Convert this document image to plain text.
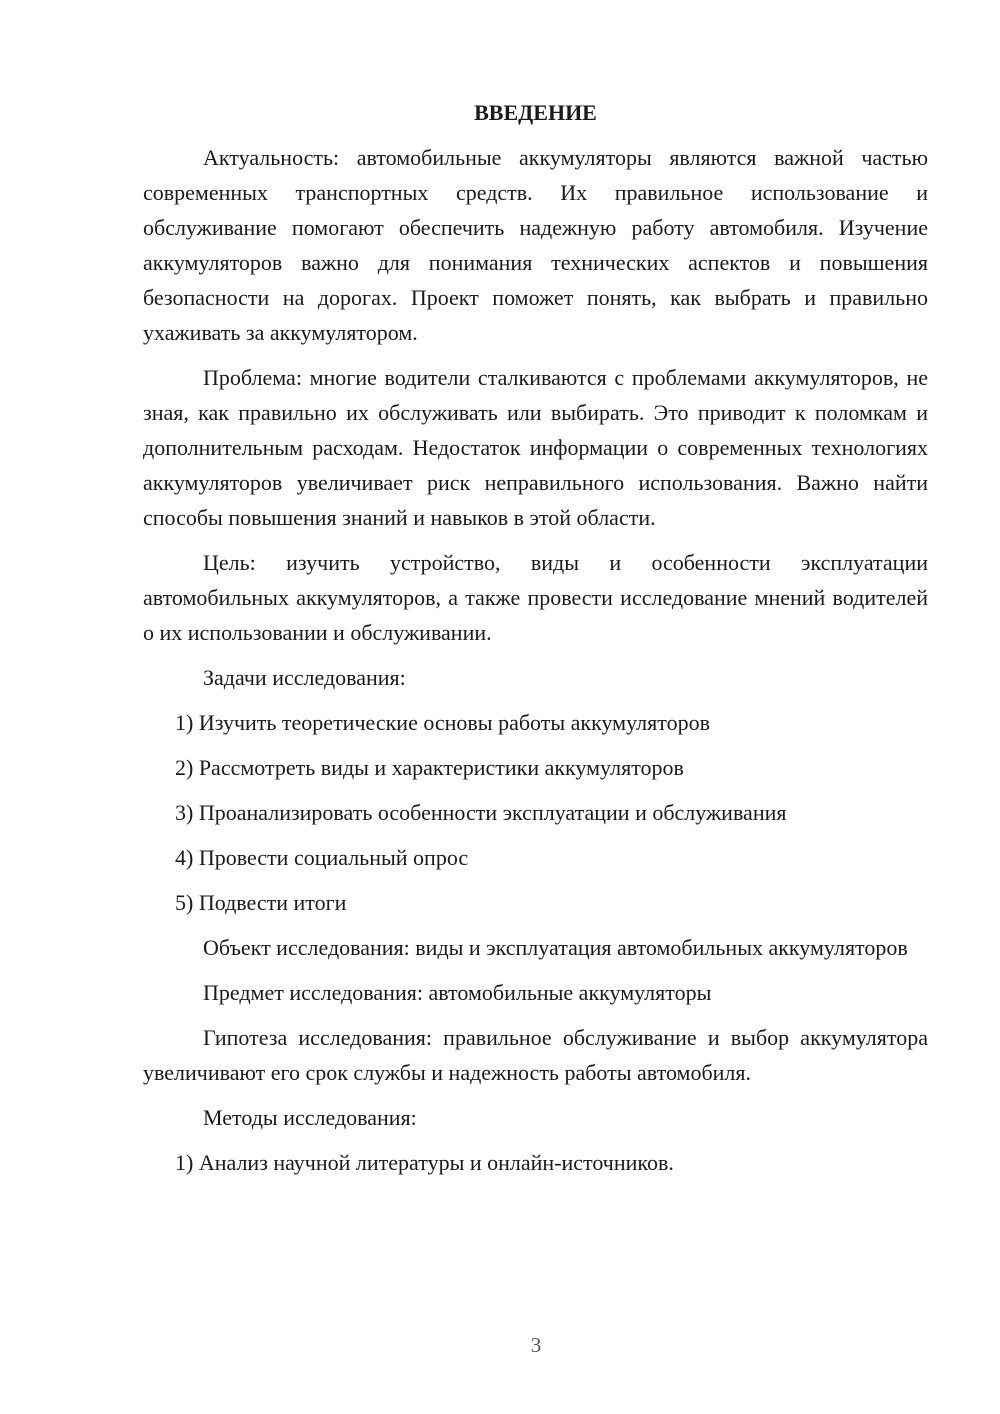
ВВЕДЕНИЕ

Актуальность: автомобильные аккумуляторы являются важной частью современных транспортных средств. Их правильное использование и обслуживание помогают обеспечить надежную работу автомобиля. Изучение аккумуляторов важно для понимания технических аспектов и повышения безопасности на дорогах. Проект поможет понять, как выбрать и правильно ухаживать за аккумулятором.

Проблема: многие водители сталкиваются с проблемами аккумуляторов, не зная, как правильно их обслуживать или выбирать. Это приводит к поломкам и дополнительным расходам. Недостаток информации о современных технологиях аккумуляторов увеличивает риск неправильного использования. Важно найти способы повышения знаний и навыков в этой области.

Цель: изучить устройство, виды и особенности эксплуатации автомобильных аккумуляторов, а также провести исследование мнений водителей о их использовании и обслуживании.

Задачи исследования:

1) Изучить теоретические основы работы аккумуляторов

2) Рассмотреть виды и характеристики аккумуляторов

3) Проанализировать особенности эксплуатации и обслуживания

4) Провести социальный опрос

5) Подвести итоги

Объект исследования: виды и эксплуатация автомобильных аккумуляторов

Предмет исследования: автомобильные аккумуляторы

Гипотеза исследования: правильное обслуживание и выбор аккумулятора увеличивают его срок службы и надежность работы автомобиля.

Методы исследования:

1) Анализ научной литературы и онлайн-источников.

3
